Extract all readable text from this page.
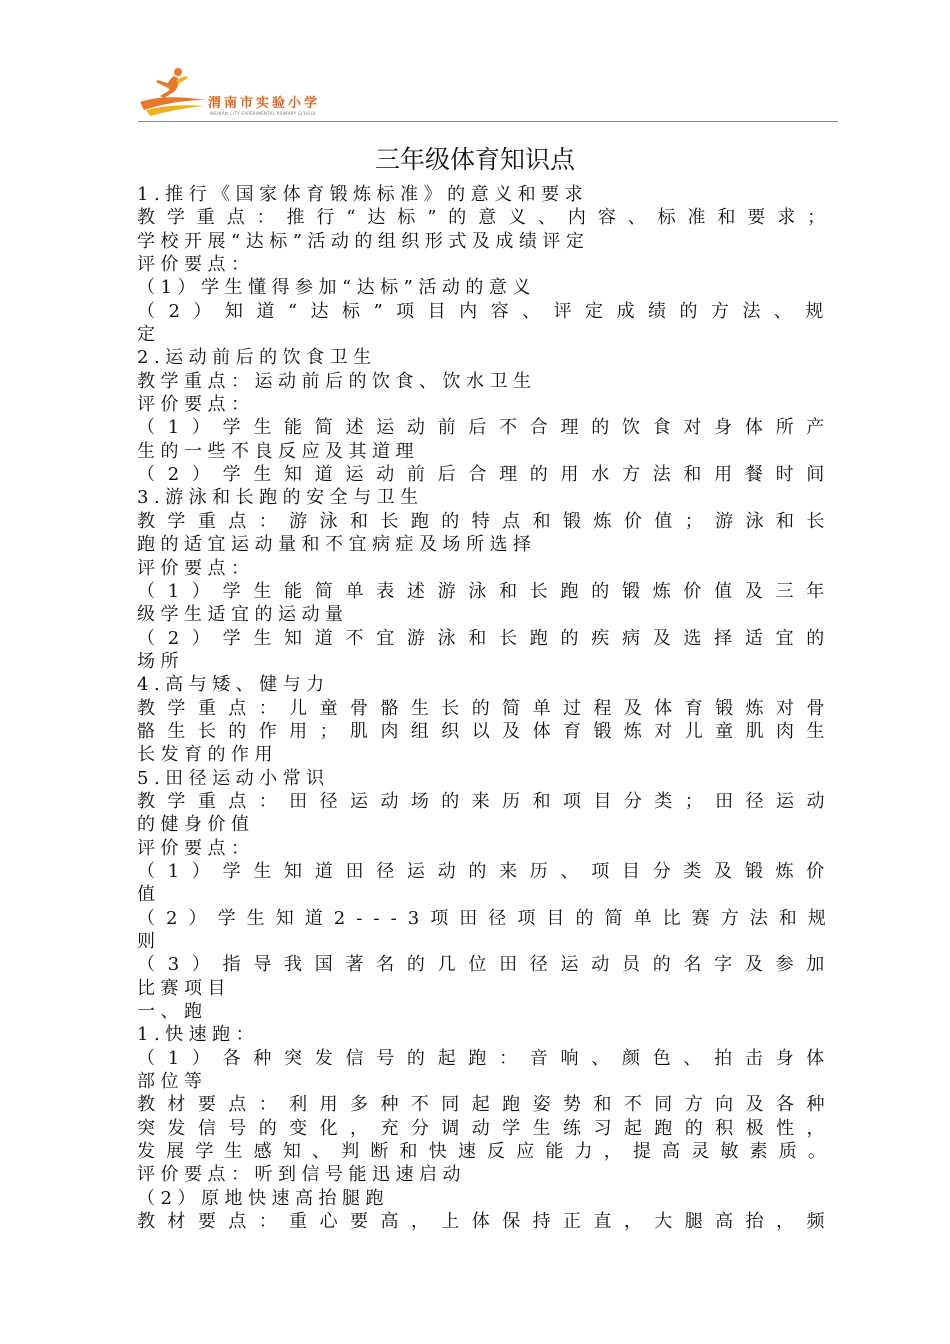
渭南市实验小学
WEINAN CITY EXPERIMENTAL PRIMARY SCHOOL
三年级体育知识点
1.推行《国家体育锻炼标准》的意义和要求
教学重点：推行“达标”的意义、内容、标准和要求；
学校开展“达标”活动的组织形式及成绩评定
评价要点：
（1）学生懂得参加“达标”活动的意义
（2）知道“达标”项目内容、评定成绩的方法、规
定
2.运动前后的饮食卫生
教学重点：运动前后的饮食、饮水卫生
评价要点：
（1）学生能简述运动前后不合理的饮食对身体所产
生的一些不良反应及其道理
（2）学生知道运动前后合理的用水方法和用餐时间
3.游泳和长跑的安全与卫生
教学重点：游泳和长跑的特点和锻炼价值；游泳和长
跑的适宜运动量和不宜病症及场所选择
评价要点：
（1）学生能简单表述游泳和长跑的锻炼价值及三年
级学生适宜的运动量
（2）学生知道不宜游泳和长跑的疾病及选择适宜的
场所
4.高与矮、健与力
教学重点：儿童骨骼生长的简单过程及体育锻炼对骨
骼生长的作用；肌肉组织以及体育锻炼对儿童肌肉生
长发育的作用
5.田径运动小常识
教学重点：田径运动场的来历和项目分类；田径运动
的健身价值
评价要点：
（1）学生知道田径运动的来历、项目分类及锻炼价
值
（2）学生知道2---3项田径项目的简单比赛方法和规
则
（3）指导我国著名的几位田径运动员的名字及参加
比赛项目
一、跑
1.快速跑：
（1）各种突发信号的起跑：音响、颜色、拍击身体
部位等
教材要点：利用多种不同起跑姿势和不同方向及各种
突发信号的变化，充分调动学生练习起跑的积极性，
发展学生感知、判断和快速反应能力，提高灵敏素质。
评价要点：听到信号能迅速启动
（2）原地快速高抬腿跑
教材要点：重心要高，上体保持正直，大腿高抬，频
